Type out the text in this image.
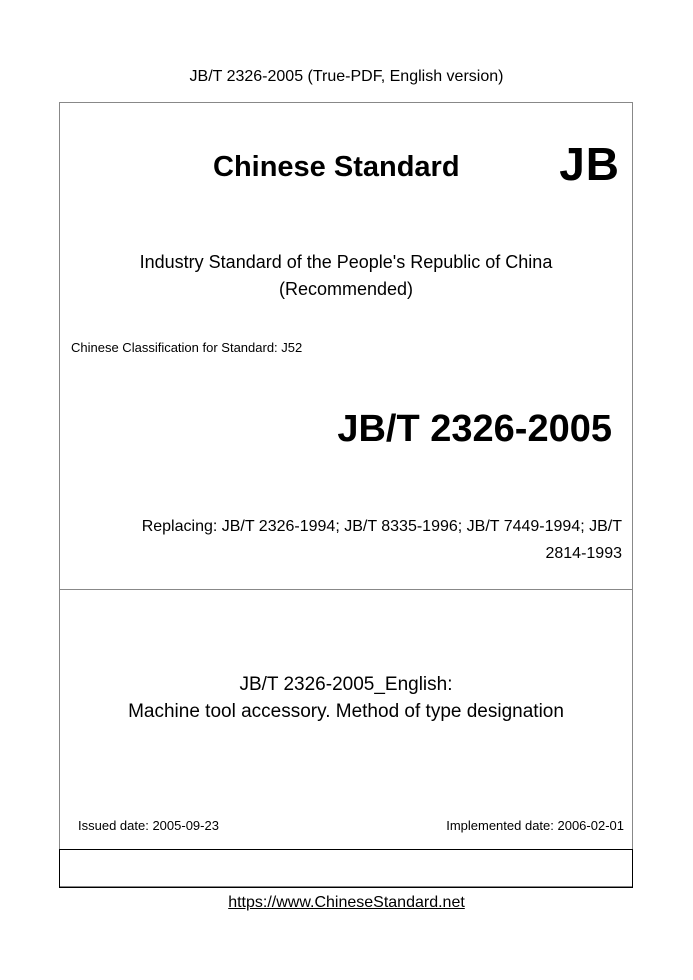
JB/T 2326-2005 (True-PDF, English version)
Chinese Standard JB
Industry Standard of the People's Republic of China
(Recommended)
Chinese Classification for Standard: J52
JB/T 2326-2005
Replacing: JB/T 2326-1994; JB/T 8335-1996; JB/T 7449-1994; JB/T
2814-1993
JB/T 2326-2005_English:
Machine tool accessory. Method of type designation
Issued date: 2005-09-23	Implemented date: 2006-02-01
https://www.ChineseStandard.net
